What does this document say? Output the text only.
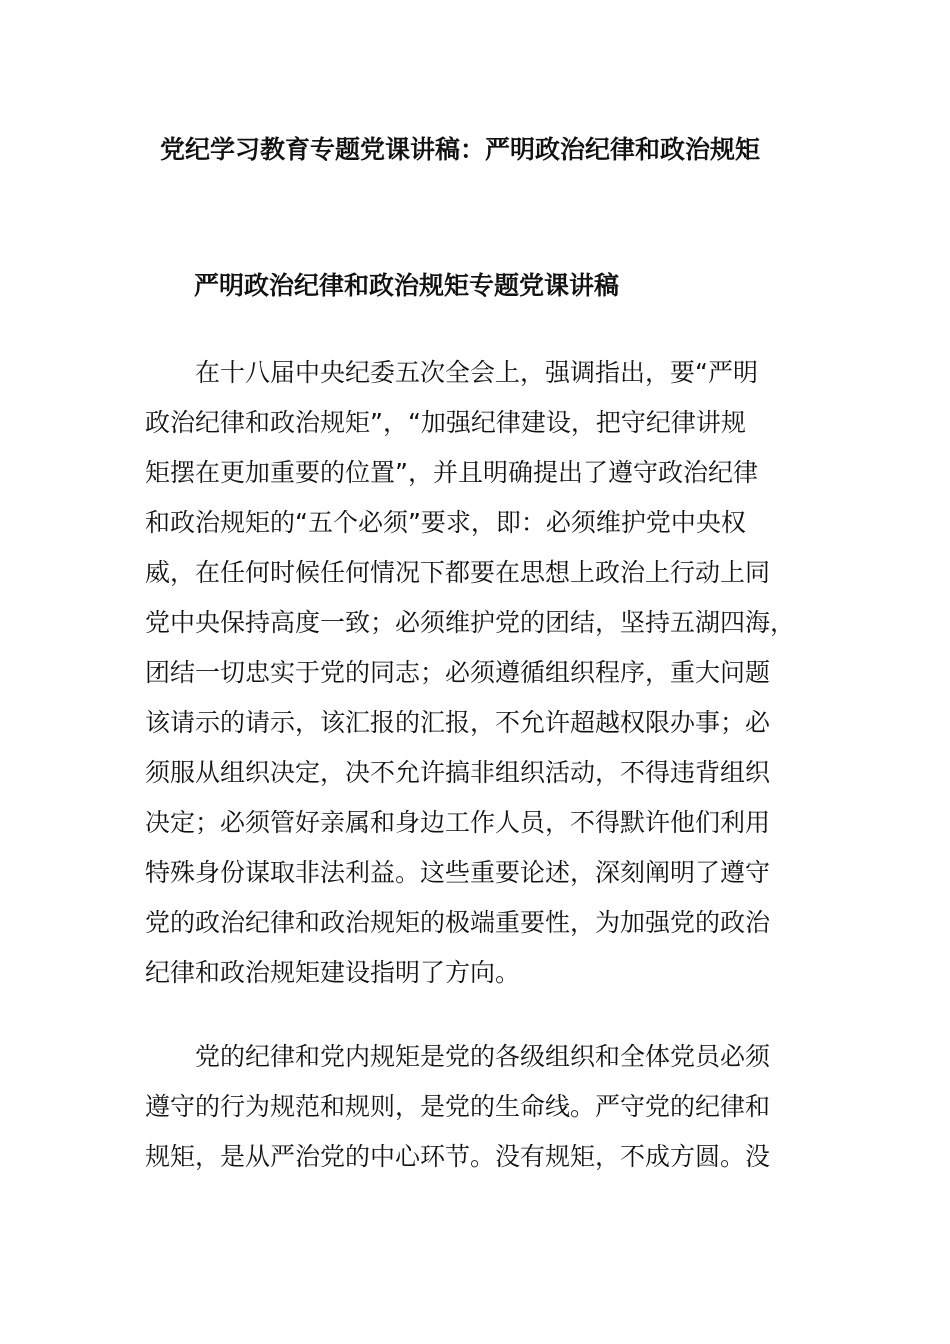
党纪学习教育专题党课讲稿：严明政治纪律和政治规矩
严明政治纪律和政治规矩专题党课讲稿
在十八届中央纪委五次全会上，强调指出，要“严明
政治纪律和政治规矩”，“加强纪律建设，把守纪律讲规
矩摆在更加重要的位置”，并且明确提出了遵守政治纪律
和政治规矩的“五个必须”要求，即：必须维护党中央权
威，在任何时候任何情况下都要在思想上政治上行动上同
党中央保持高度一致；必须维护党的团结，坚持五湖四海，
团结一切忠实于党的同志；必须遵循组织程序，重大问题
该请示的请示，该汇报的汇报，不允许超越权限办事；必
须服从组织决定，决不允许搞非组织活动，不得违背组织
决定；必须管好亲属和身边工作人员，不得默许他们利用
特殊身份谋取非法利益。这些重要论述，深刻阐明了遵守
党的政治纪律和政治规矩的极端重要性，为加强党的政治
纪律和政治规矩建设指明了方向。
党的纪律和党内规矩是党的各级组织和全体党员必须
遵守的行为规范和规则，是党的生命线。严守党的纪律和
规矩，是从严治党的中心环节。没有规矩，不成方圆。没
